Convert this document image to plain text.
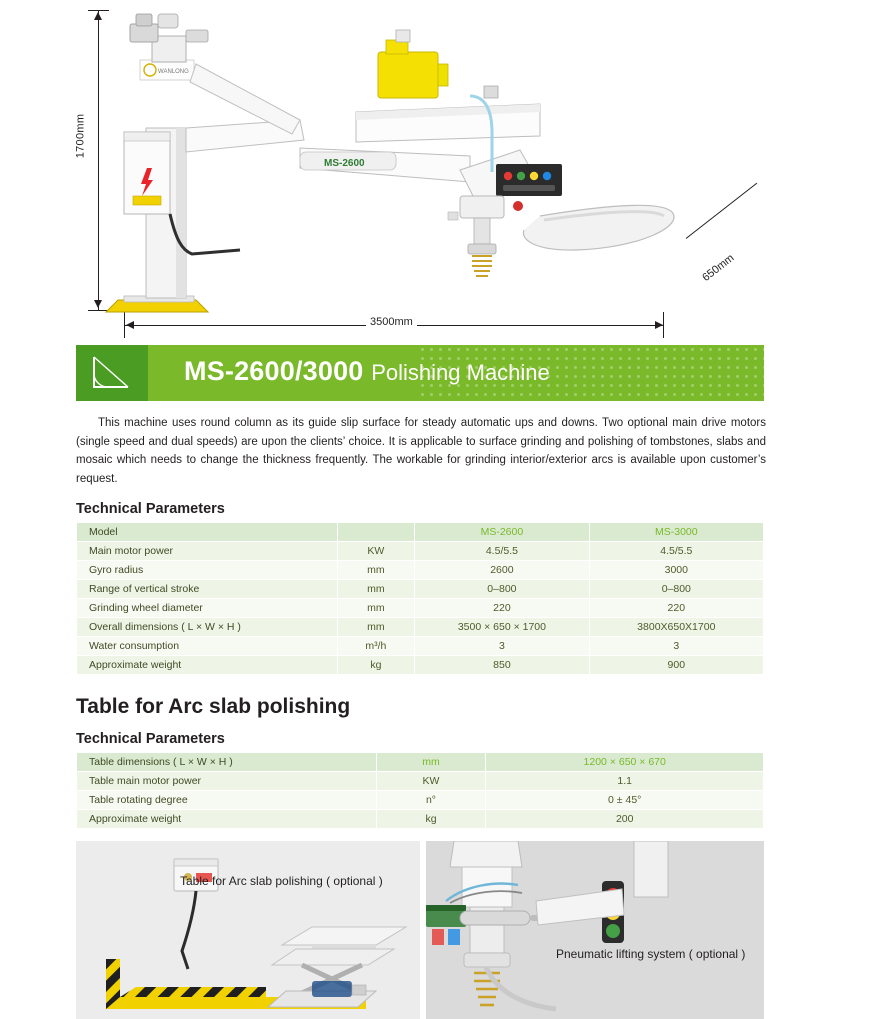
1700mm
3500mm
650mm
WANLONG
MS-2600
MS-2600/3000 Polishing Machine

This machine uses round column as its guide slip surface for steady automatic ups and downs. Two optional main drive motors (single speed and dual speeds) are upon the clients’ choice. It is applicable to surface grinding and polishing of tombstones, slabs and mosaic which needs to change the thickness frequently. The workable for grinding interior/exterior arcs is available upon customer’s request.

Technical Parameters
Model		MS-2600	MS-3000
Main motor power	KW	4.5/5.5	4.5/5.5
Gyro radius	mm	2600	3000
Range of vertical stroke	mm	0–800	0–800
Grinding wheel diameter	mm	220	220
Overall dimensions ( L × W × H )	mm	3500 × 650 × 1700	3800X650X1700
Water consumption	m³/h	3	3
Approximate weight	kg	850	900
Table for Arc slab polishing
Technical Parameters
Table dimensions ( L × W × H )	mm	1200 × 650 × 670
Table main motor power	KW	1.1
Table rotating degree	n°	0 ± 45°
Approximate weight	kg	200
Table for Arc slab polishing ( optional )
Pneumatic lifting system ( optional )
